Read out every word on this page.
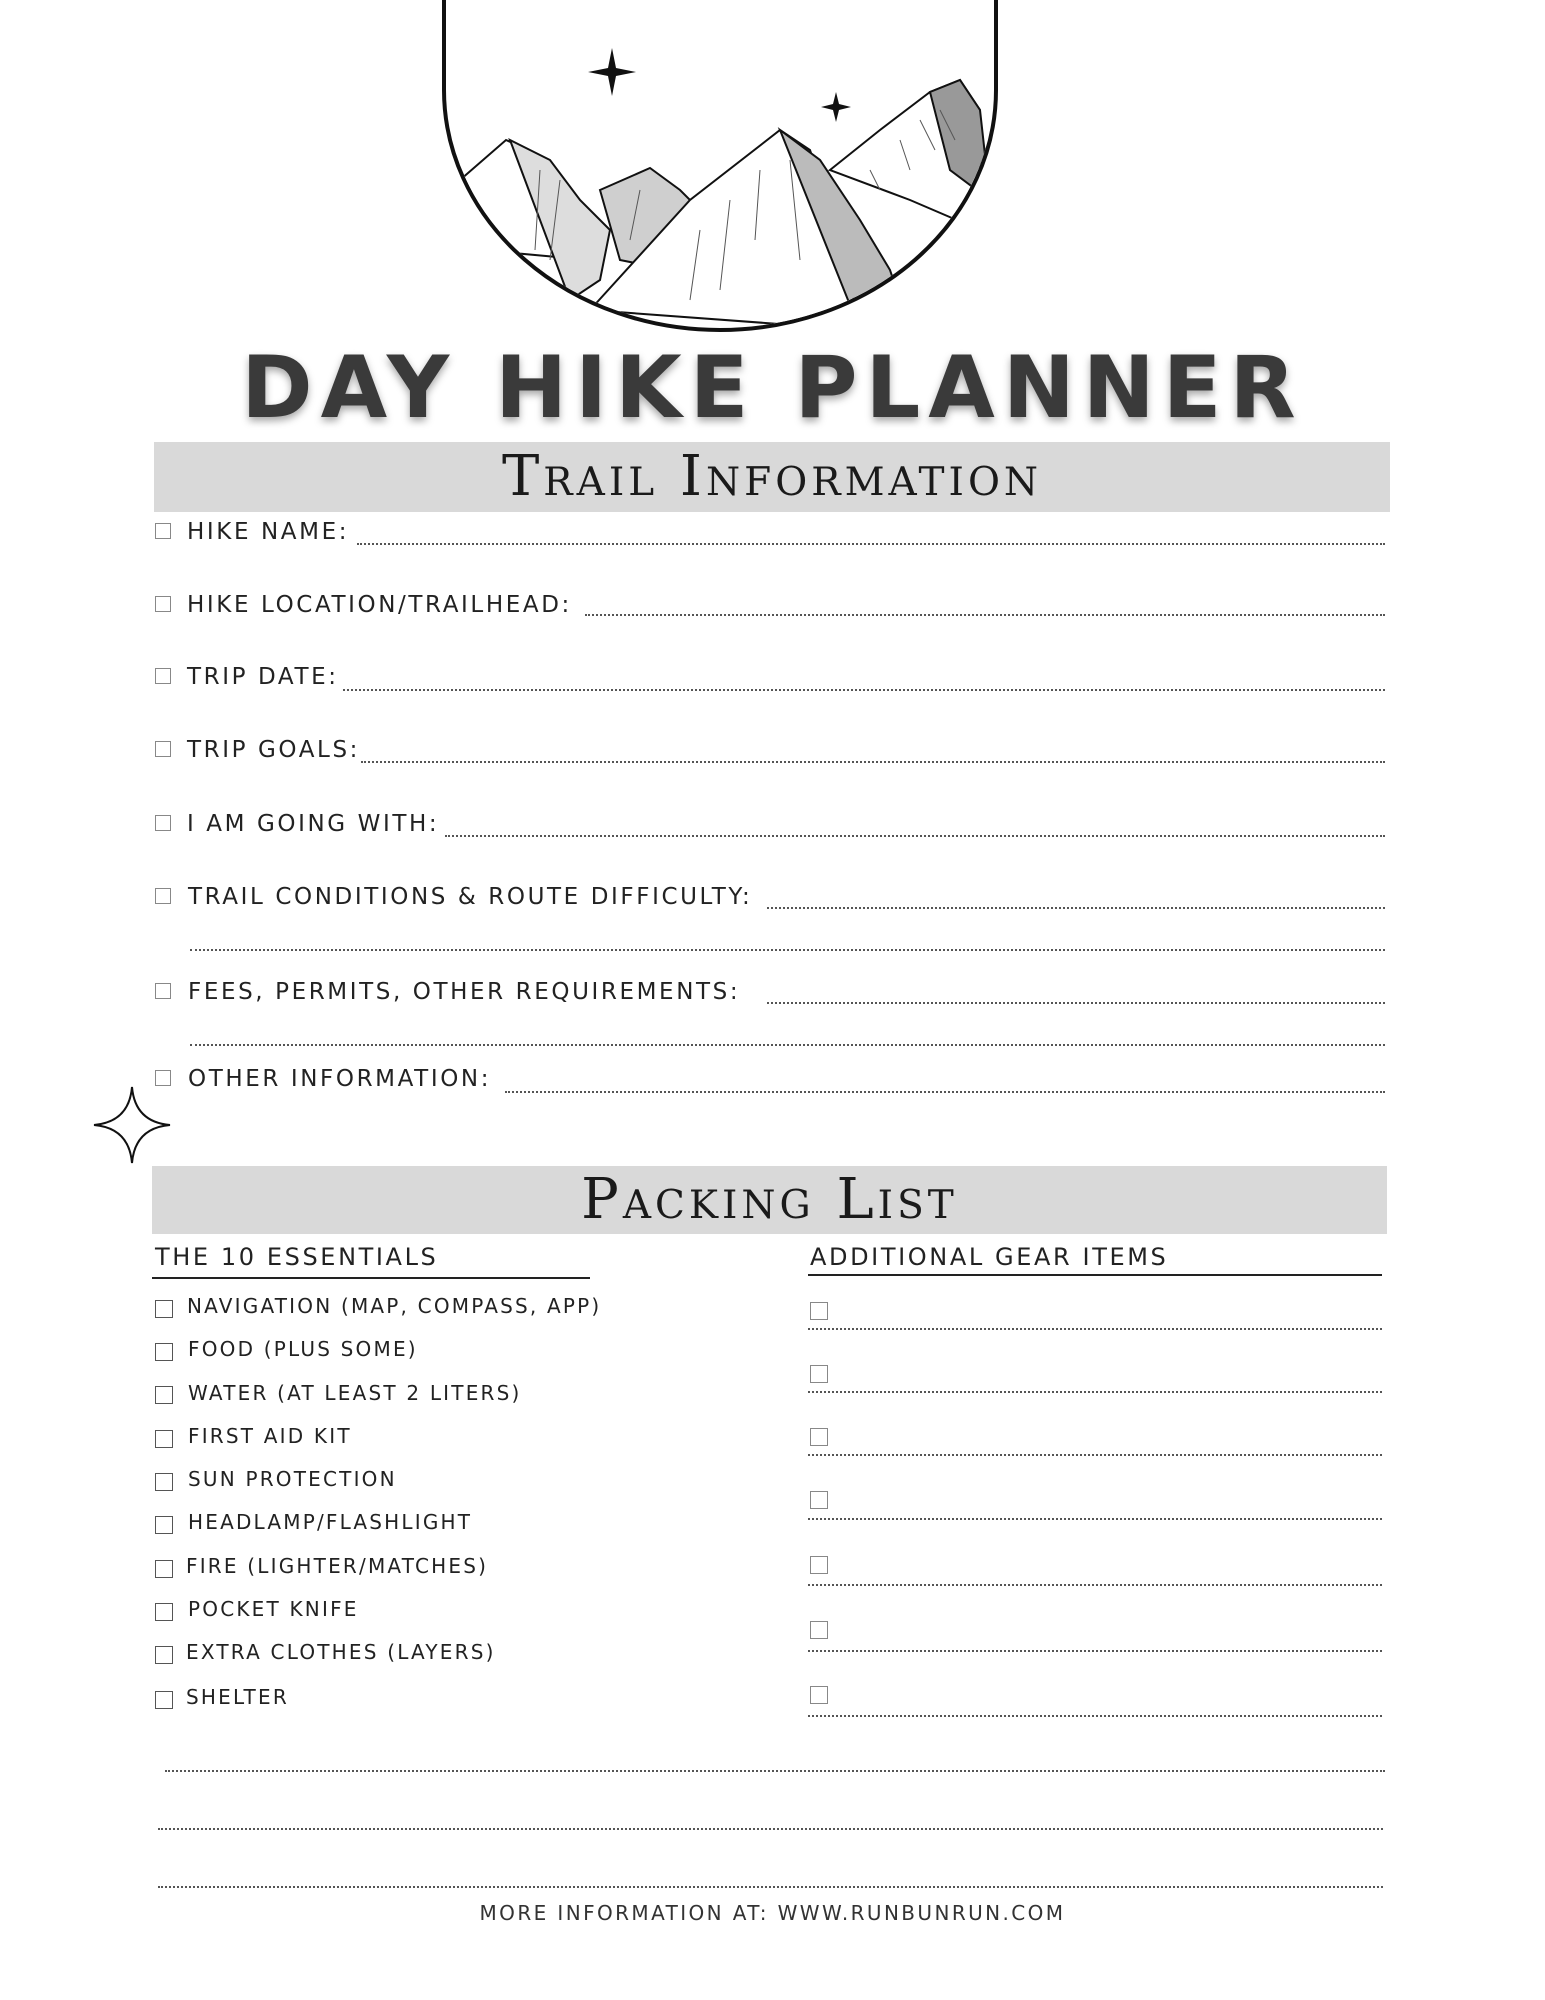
DAY HIKE PLANNER
Trail Information
HIKE NAME:
HIKE LOCATION/TRAILHEAD:
TRIP DATE:
TRIP GOALS:
I AM GOING WITH:
TRAIL CONDITIONS & ROUTE DIFFICULTY:
FEES, PERMITS, OTHER REQUIREMENTS:
OTHER INFORMATION:
Packing List
THE 10 ESSENTIALS	ADDITIONAL GEAR ITEMS
NAVIGATION (MAP, COMPASS, APP)
FOOD (PLUS SOME)
WATER (AT LEAST 2 LITERS)
FIRST AID KIT
SUN PROTECTION
HEADLAMP/FLASHLIGHT
FIRE (LIGHTER/MATCHES)
POCKET KNIFE
EXTRA CLOTHES (LAYERS)
SHELTER
MORE INFORMATION AT: WWW.RUNBUNRUN.COM
